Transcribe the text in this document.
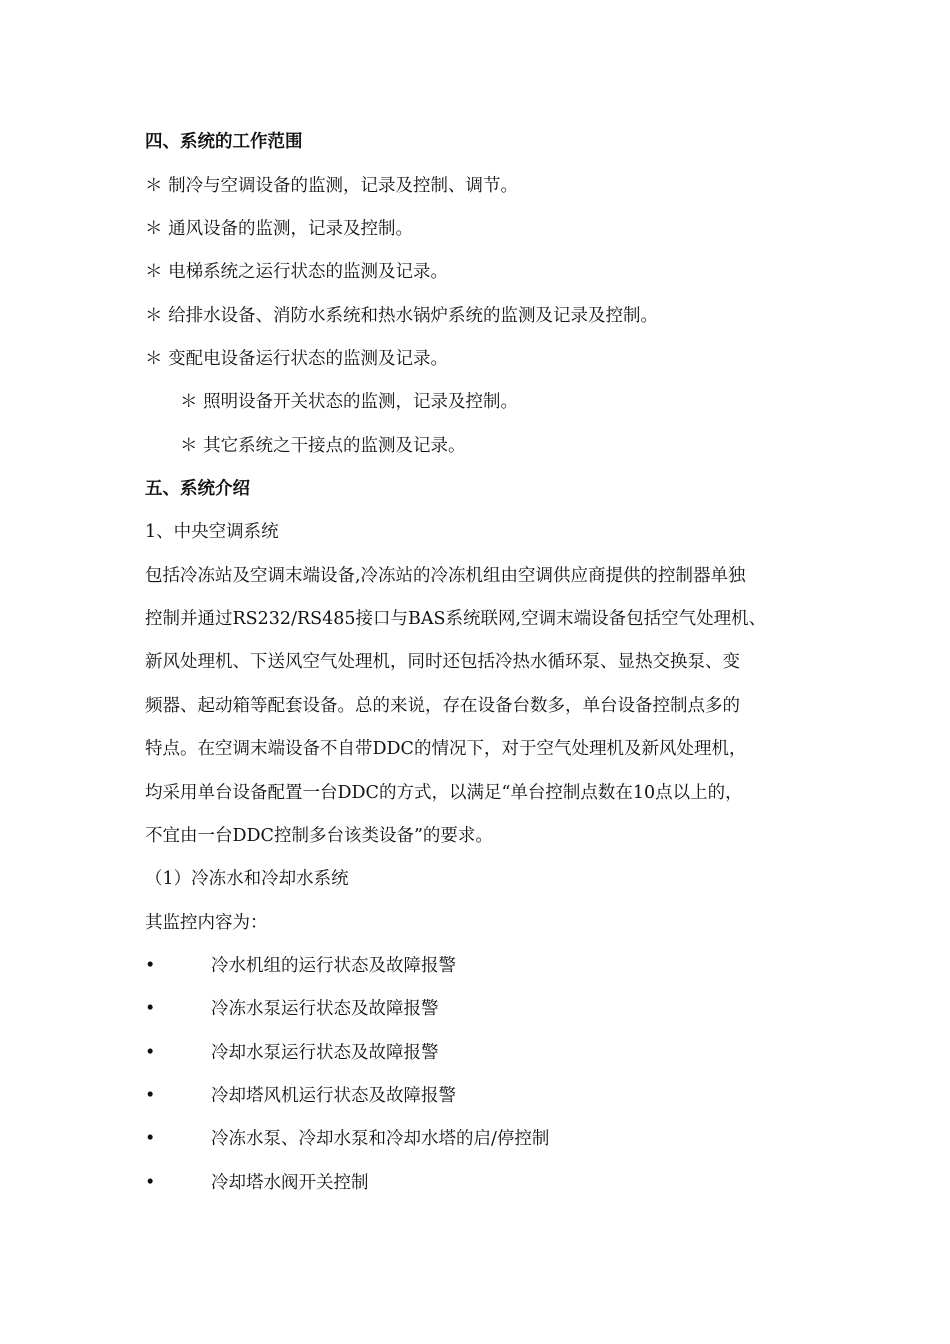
四、系统的工作范围
＊ 制冷与空调设备的监测，记录及控制、调节。
＊ 通风设备的监测，记录及控制。
＊ 电梯系统之运行状态的监测及记录。
＊ 给排水设备、消防水系统和热水锅炉系统的监测及记录及控制。
＊ 变配电设备运行状态的监测及记录。
＊ 照明设备开关状态的监测，记录及控制。
＊ 其它系统之干接点的监测及记录。
五、系统介绍
1、中央空调系统
包括冷冻站及空调末端设备,冷冻站的冷冻机组由空调供应商提供的控制器单独
控制并通过RS232/RS485接口与BAS系统联网,空调末端设备包括空气处理机、
新风处理机、下送风空气处理机，同时还包括冷热水循环泵、显热交换泵、变
频器、起动箱等配套设备。总的来说，存在设备台数多，单台设备控制点多的
特点。在空调末端设备不自带DDC的情况下，对于空气处理机及新风处理机，
均采用单台设备配置一台DDC的方式，以满足“单台控制点数在10点以上的，
不宜由一台DDC控制多台该类设备”的要求。
（1）冷冻水和冷却水系统
其监控内容为：
•	冷水机组的运行状态及故障报警
•	冷冻水泵运行状态及故障报警
•	冷却水泵运行状态及故障报警
•	冷却塔风机运行状态及故障报警
•	冷冻水泵、冷却水泵和冷却水塔的启/停控制
•	冷却塔水阀开关控制
